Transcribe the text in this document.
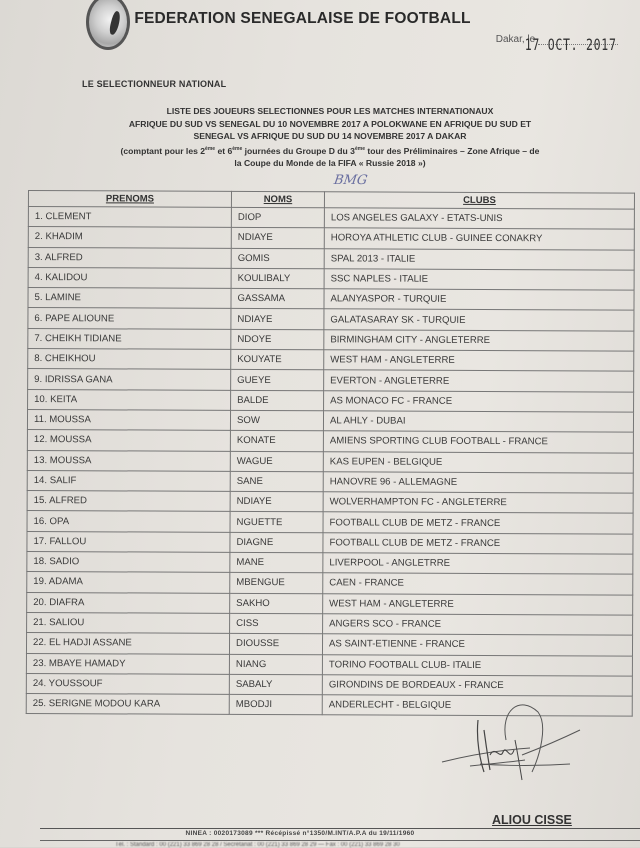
FEDERATION SENEGALAISE DE FOOTBALL
Dakar, le
17 OCT. 2017
LE SELECTIONNEUR NATIONAL
LISTE DES JOUEURS SELECTIONNES POUR LES MATCHES INTERNATIONAUX
AFRIQUE DU SUD VS SENEGAL DU 10 NOVEMBRE 2017 A POLOKWANE EN AFRIQUE DU SUD ET
SENEGAL VS AFRIQUE DU SUD DU 14 NOVEMBRE 2017 A DAKAR
(comptant pour les 2ème et 6ème journées du Groupe D du 3ème tour des Préliminaires – Zone Afrique – de
la Coupe du Monde de la FIFA « Russie 2018 »)
BMG
PRENOMS	NOMS	CLUBS
1. CLEMENT	DIOP	LOS ANGELES GALAXY - ETATS-UNIS
2. KHADIM	NDIAYE	HOROYA ATHLETIC CLUB - GUINEE CONAKRY
3. ALFRED	GOMIS	SPAL 2013 - ITALIE
4. KALIDOU	KOULIBALY	SSC NAPLES - ITALIE
5. LAMINE	GASSAMA	ALANYASPOR - TURQUIE
6. PAPE ALIOUNE	NDIAYE	GALATASARAY SK - TURQUIE
7. CHEIKH TIDIANE	NDOYE	BIRMINGHAM CITY - ANGLETERRE
8. CHEIKHOU	KOUYATE	WEST HAM - ANGLETERRE
9. IDRISSA GANA	GUEYE	EVERTON - ANGLETERRE
10. KEITA	BALDE	AS MONACO FC - FRANCE
11. MOUSSA	SOW	AL AHLY - DUBAI
12. MOUSSA	KONATE	AMIENS SPORTING CLUB FOOTBALL - FRANCE
13. MOUSSA	WAGUE	KAS EUPEN - BELGIQUE
14. SALIF	SANE	HANOVRE 96 - ALLEMAGNE
15. ALFRED	NDIAYE	WOLVERHAMPTON FC - ANGLETERRE
16. OPA	NGUETTE	FOOTBALL CLUB DE METZ - FRANCE
17. FALLOU	DIAGNE	FOOTBALL CLUB DE METZ - FRANCE
18. SADIO	MANE	LIVERPOOL - ANGLETRRE
19. ADAMA	MBENGUE	CAEN - FRANCE
20. DIAFRA	SAKHO	WEST HAM - ANGLETERRE
21. SALIOU	CISS	ANGERS SCO - FRANCE
22. EL HADJI ASSANE	DIOUSSE	AS SAINT-ETIENNE - FRANCE
23. MBAYE HAMADY	NIANG	TORINO FOOTBALL CLUB- ITALIE
24. YOUSSOUF	SABALY	GIRONDINS DE BORDEAUX - FRANCE
25. SERIGNE MODOU KARA	MBODJI	ANDERLECHT - BELGIQUE
ALIOU CISSE
NINEA : 0020173089 *** Récépissé n°1350/M.INT/A.P.A du 19/11/1960
Tél. : Standard : 00 (221) 33 869 28 28 / Secrétariat : 00 (221) 33 869 28 29 — Fax : 00 (221) 33 869 28 30
